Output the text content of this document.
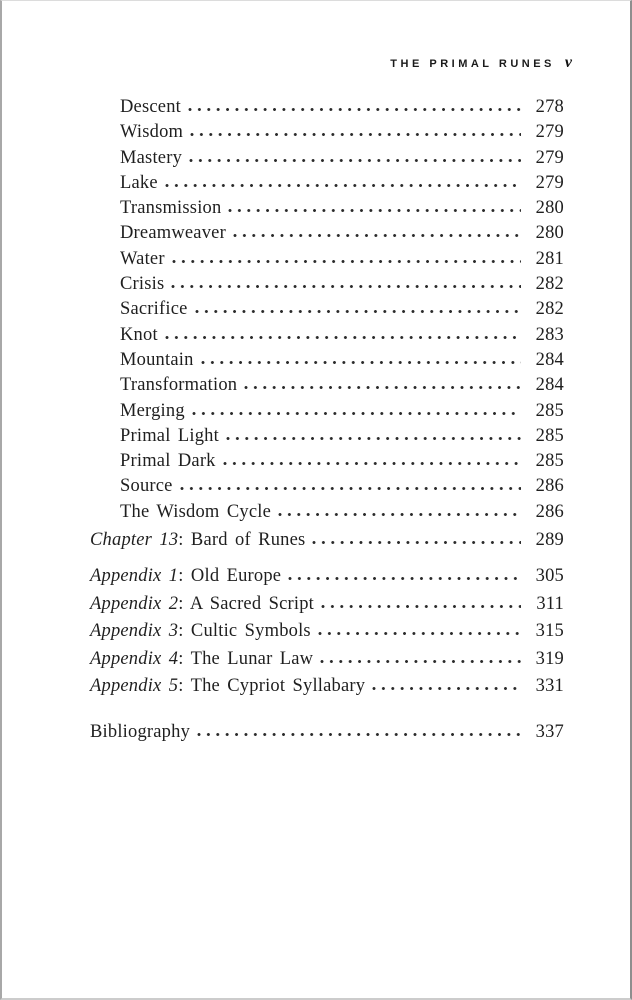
THE PRIMAL RUNES v
Descent	278
Wisdom	279
Mastery	279
Lake	279
Transmission	280
Dreamweaver	280
Water	281
Crisis	282
Sacrifice	282
Knot	283
Mountain	284
Transformation	284
Merging	285
Primal Light	285
Primal Dark	285
Source	286
The Wisdom Cycle	286
Chapter 13: Bard of Runes	289
Appendix 1: Old Europe	305
Appendix 2: A Sacred Script	311
Appendix 3: Cultic Symbols	315
Appendix 4: The Lunar Law	319
Appendix 5: The Cypriot Syllabary	331
Bibliography	337
